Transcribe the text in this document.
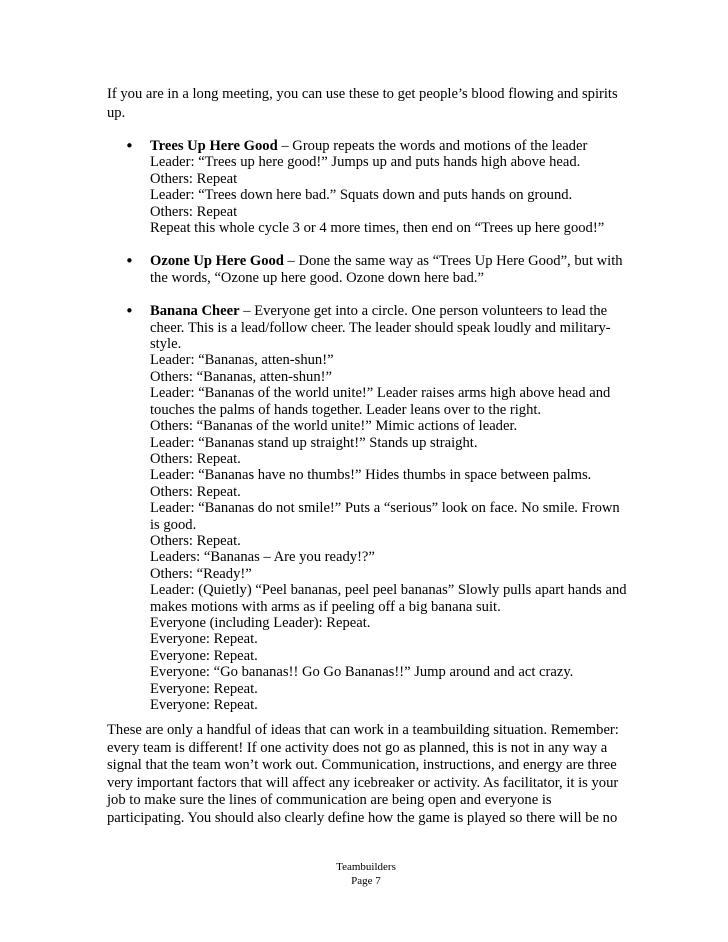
If you are in a long meeting, you can use these to get people’s blood flowing and spirits up.

• Trees Up Here Good – Group repeats the words and motions of the leader
Leader: “Trees up here good!” Jumps up and puts hands high above head.
Others: Repeat
Leader: “Trees down here bad.” Squats down and puts hands on ground.
Others: Repeat
Repeat this whole cycle 3 or 4 more times, then end on “Trees up here good!”
• Ozone Up Here Good – Done the same way as “Trees Up Here Good”, but with the words, “Ozone up here good. Ozone down here bad.”
• Banana Cheer – Everyone get into a circle. One person volunteers to lead the cheer. This is a lead/follow cheer. The leader should speak loudly and military-style.
Leader: “Bananas, atten-shun!”
Others: “Bananas, atten-shun!”
Leader: “Bananas of the world unite!” Leader raises arms high above head and touches the palms of hands together. Leader leans over to the right.
Others: “Bananas of the world unite!” Mimic actions of leader.
Leader: “Bananas stand up straight!” Stands up straight.
Others: Repeat.
Leader: “Bananas have no thumbs!” Hides thumbs in space between palms.
Others: Repeat.
Leader: “Bananas do not smile!” Puts a “serious” look on face. No smile. Frown is good.
Others: Repeat.
Leaders: “Bananas – Are you ready!?”
Others: “Ready!”
Leader: (Quietly) “Peel bananas, peel peel bananas” Slowly pulls apart hands and makes motions with arms as if peeling off a big banana suit.
Everyone (including Leader): Repeat.
Everyone: Repeat.
Everyone: Repeat.
Everyone: “Go bananas!! Go Go Bananas!!” Jump around and act crazy.
Everyone: Repeat.
Everyone: Repeat.

These are only a handful of ideas that can work in a teambuilding situation. Remember: every team is different! If one activity does not go as planned, this is not in any way a signal that the team won’t work out. Communication, instructions, and energy are three very important factors that will affect any icebreaker or activity. As facilitator, it is your job to make sure the lines of communication are being open and everyone is participating. You should also clearly define how the game is played so there will be no

Teambuilders
Page 7
